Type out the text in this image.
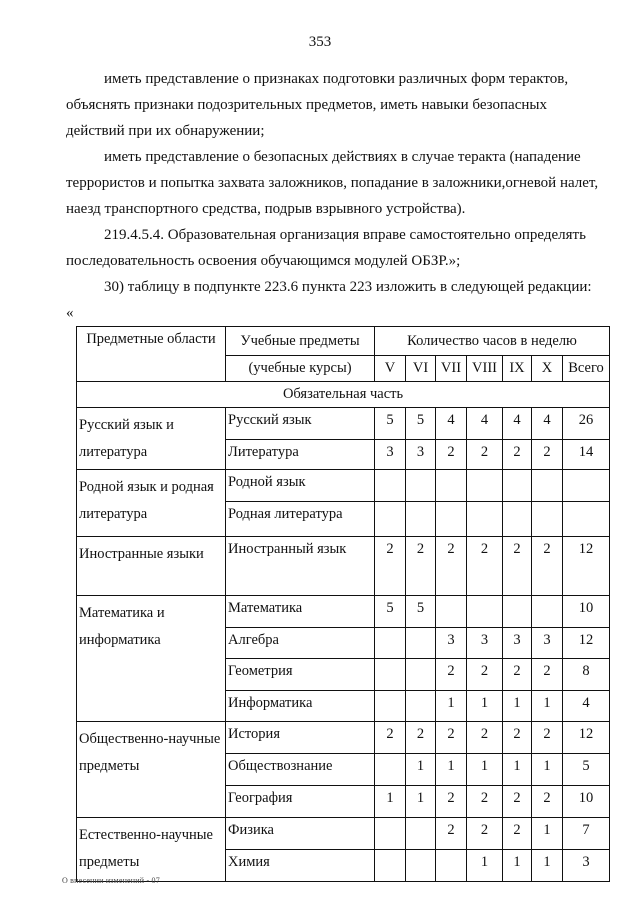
353

иметь представление о признаках подготовки различных форм терактов, объяснять признаки подозрительных предметов, иметь навыки безопасных действий при их обнаружении;

иметь представление о безопасных действиях в случае теракта (нападение террористов и попытка захвата заложников, попадание в заложники,огневой налет, наезд транспортного средства, подрыв взрывного устройства).

219.4.5.4. Образовательная организация вправе самостоятельно определять последовательность освоения обучающимся модулей ОБЗР.»;

30) таблицу в подпункте 223.6 пункта 223 изложить в следующей редакции:

«
Предметные области	Учебные предметы	Количество часов в неделю						
	(учебные курсы)	V	VI	VII	VIII	IX	X	Всего
Обязательная часть								

Русский язык и
литература	Русский язык	5	5	4	4	4	4	26
	Литература	3	3	2	2	2	2	14

Родной язык и родная
литература	Родной язык							
	Родная литература							

Иностранные языки	Иностранный язык	2	2	2	2	2	2	12

Математика и
информатика	Математика	5	5					10
	Алгебра			3	3	3	3	12
	Геометрия			2	2	2	2	8
	Информатика			1	1	1	1	4

Общественно-научные
предметы	История	2	2	2	2	2	2	12
	Обществознание		1	1	1	1	1	5
	География	1	1	2	2	2	2	10

Естественно-научные
предметы	Физика			2	2	2	1	7
	Химия				1	1	1	3
О внесении изменений - 07
